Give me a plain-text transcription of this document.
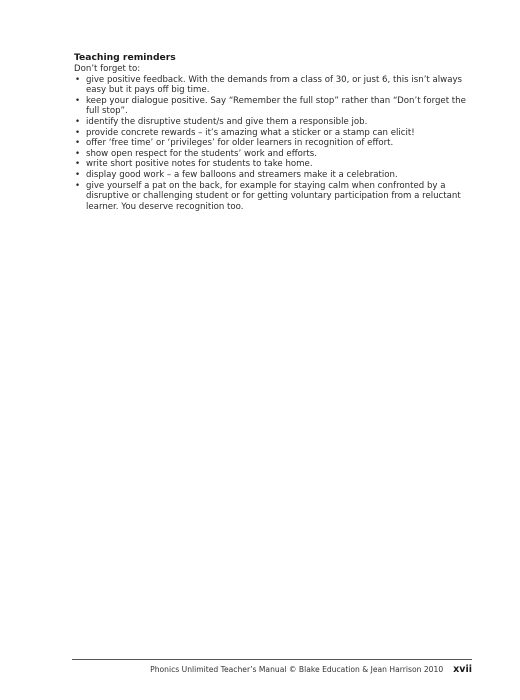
Teaching reminders
Don’t forget to:
• give positive feedback. With the demands from a class of 30, or just 6, this isn’t always easy but it pays off big time.
• keep your dialogue positive. Say “Remember the full stop” rather than “Don’t forget the full stop”.
• identify the disruptive student/s and give them a responsible job.
• provide concrete rewards – it’s amazing what a sticker or a stamp can elicit!
• offer ‘free time’ or ‘privileges’ for older learners in recognition of effort.
• show open respect for the students’ work and efforts.
• write short positive notes for students to take home.
• display good work – a few balloons and streamers make it a celebration.
• give yourself a pat on the back, for example for staying calm when confronted by a disruptive or challenging student or for getting voluntary participation from a reluctant learner. You deserve recognition too.
Phonics Unlimited Teacher’s Manual © Blake Education & Jean Harrison 2010 xvii
